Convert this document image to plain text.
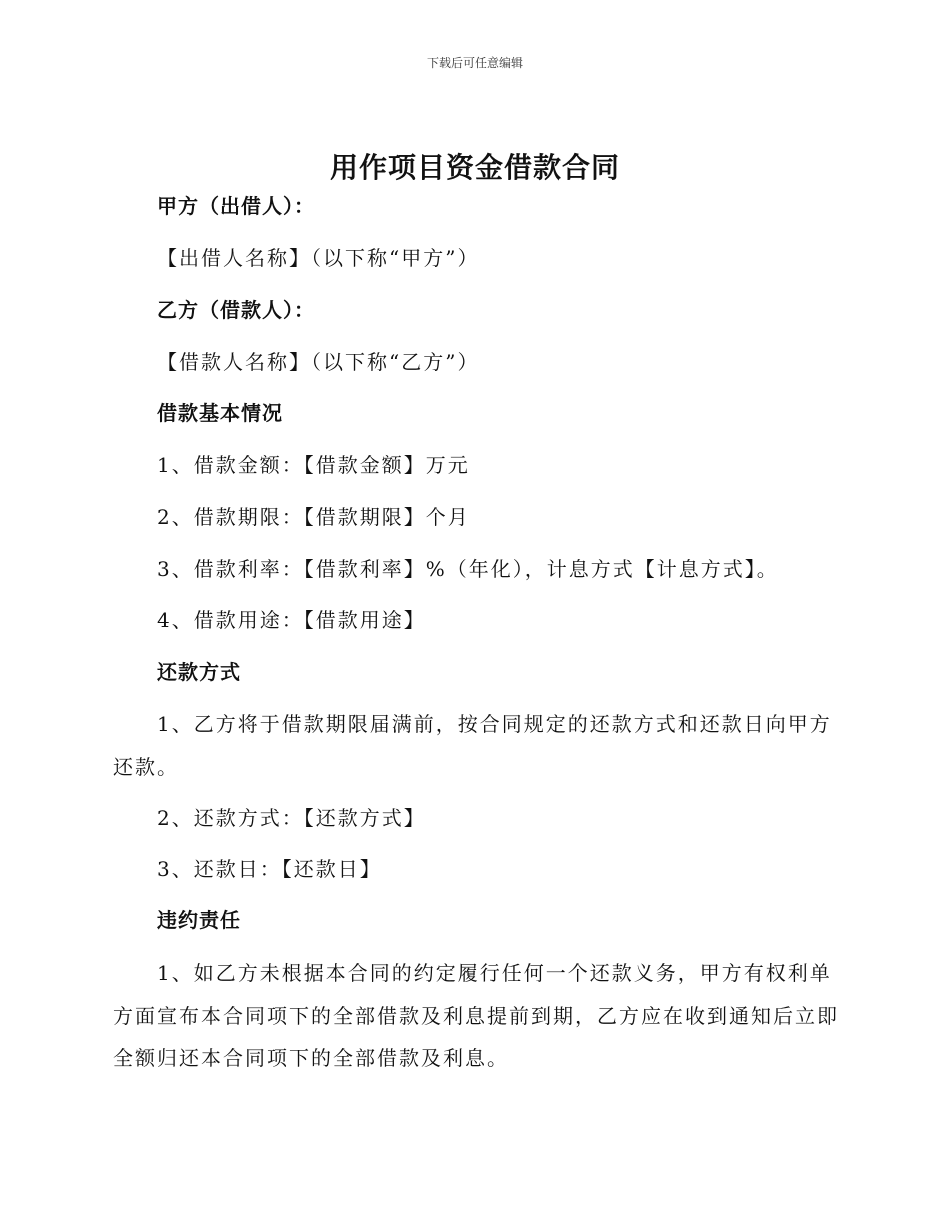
下载后可任意编辑
用作项目资金借款合同
甲方（出借人）：
【出借人名称】（以下称“甲方”）
乙方（借款人）：
【借款人名称】（以下称“乙方”）
借款基本情况
1、借款金额：【借款金额】万元
2、借款期限：【借款期限】个月
3、借款利率：【借款利率】%（年化），计息方式【计息方式】。
4、借款用途：【借款用途】
还款方式
1、乙方将于借款期限届满前，按合同规定的还款方式和还款日向甲方
还款。
2、还款方式：【还款方式】
3、还款日：【还款日】
违约责任
1、如乙方未根据本合同的约定履行任何一个还款义务，甲方有权利单
方面宣布本合同项下的全部借款及利息提前到期，乙方应在收到通知后立即
全额归还本合同项下的全部借款及利息。
